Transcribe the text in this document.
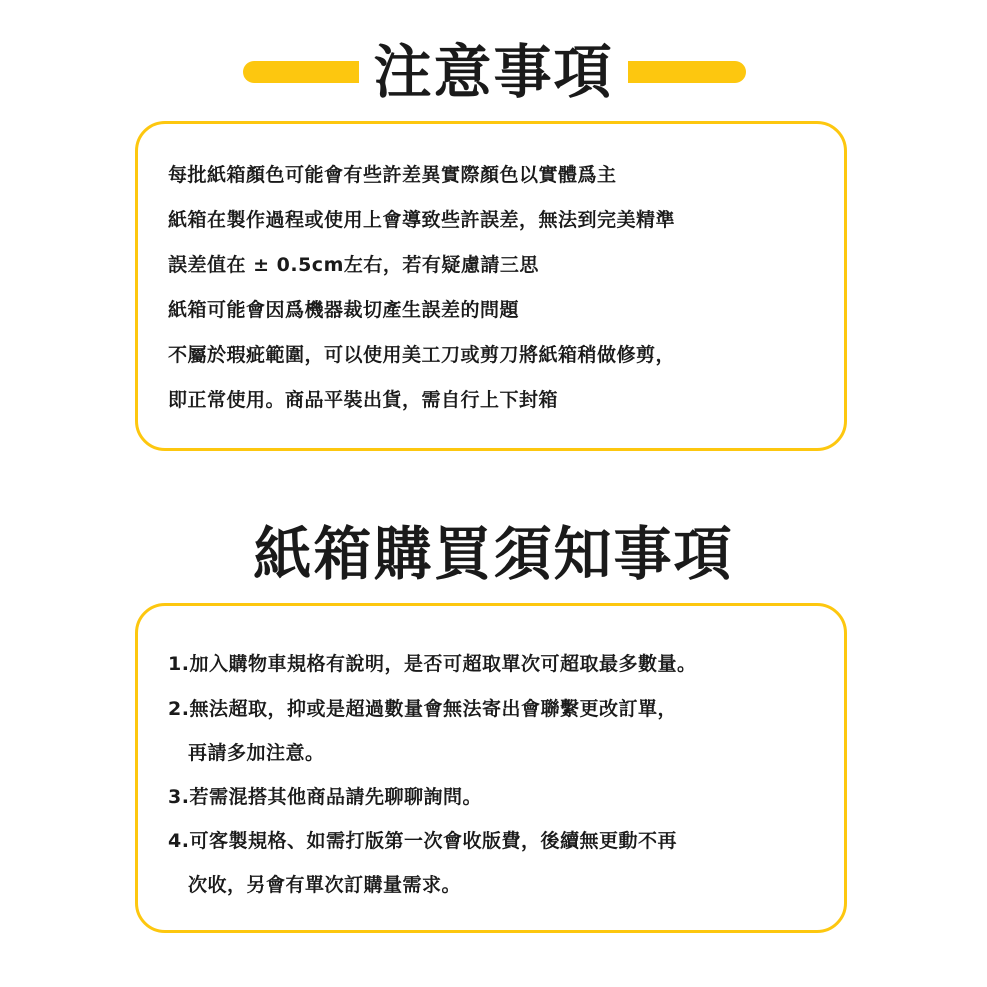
注意事項
每批紙箱顏色可能會有些許差異實際顏色以實體爲主
紙箱在製作過程或使用上會導致些許誤差，無法到完美精準
誤差值在 ± 0.5cm左右，若有疑慮請三思
紙箱可能會因爲機器裁切產生誤差的問題
不屬於瑕疵範圍，可以使用美工刀或剪刀將紙箱稍做修剪，
即正常使用。商品平裝出貨，需自行上下封箱
紙箱購買須知事項
1.加入購物車規格有說明，是否可超取單次可超取最多數量。
2.無法超取，抑或是超過數量會無法寄出會聯繫更改訂單，
再請多加注意。
3.若需混搭其他商品請先聊聊詢問。
4.可客製規格、如需打版第一次會收版費，後續無更動不再
次收，另會有單次訂購量需求。
